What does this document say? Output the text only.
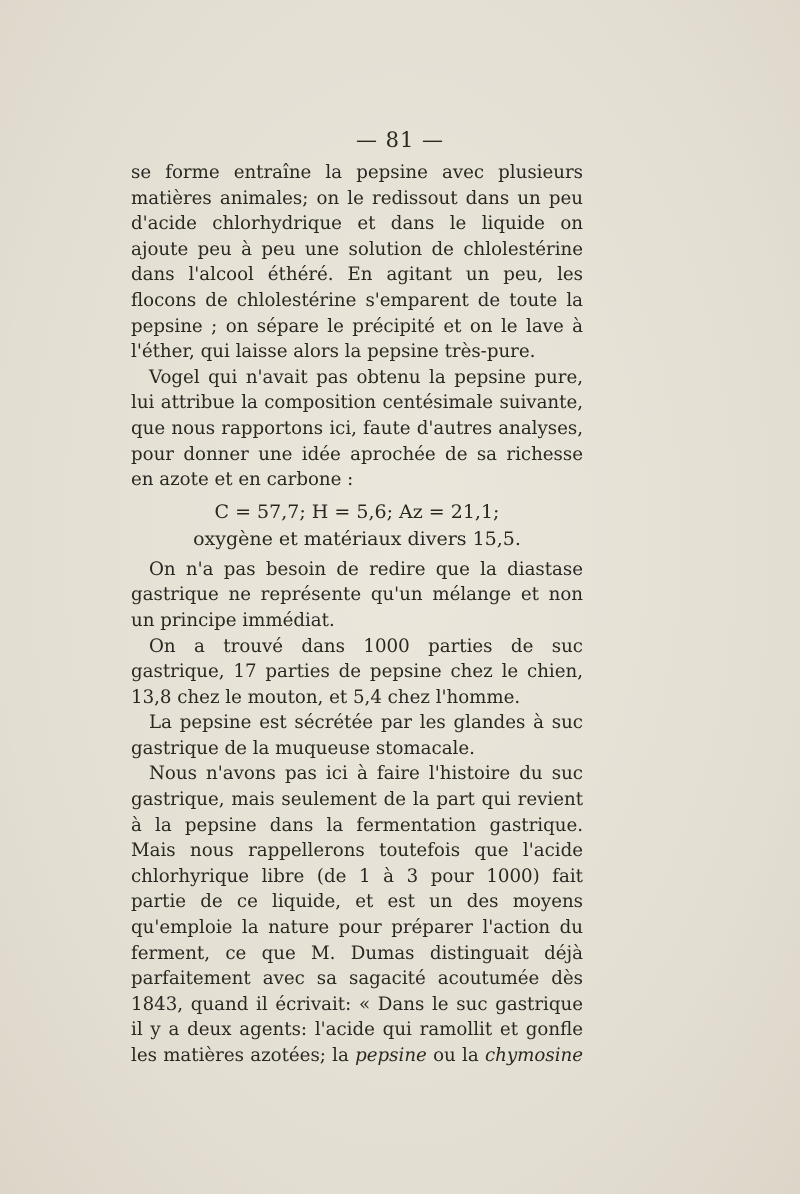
— 81 —

se forme entraîne la pepsine avec plusieurs matières animales; on le redissout dans un peu d'acide chlorhydrique et dans le liquide on ajoute peu à peu une solution de chlolestérine dans l'alcool éthéré. En agitant un peu, les flocons de chlolestérine s'emparent de toute la pepsine ; on sépare le précipité et on le lave à l'éther, qui laisse alors la pepsine très-pure.

Vogel qui n'avait pas obtenu la pepsine pure, lui attribue la composition centésimale suivante, que nous rapportons ici, faute d'autres analyses, pour donner une idée aprochée de sa richesse en azote et en carbone :

C = 57,7; H = 5,6; Az = 21,1;
oxygène et matériaux divers 15,5.

On n'a pas besoin de redire que la diastase gastrique ne représente qu'un mélange et non un principe immédiat.

On a trouvé dans 1000 parties de suc gastrique, 17 parties de pepsine chez le chien, 13,8 chez le mouton, et 5,4 chez l'homme.

La pepsine est sécrétée par les glandes à suc gastrique de la muqueuse stomacale.

Nous n'avons pas ici à faire l'histoire du suc gastrique, mais seulement de la part qui revient à la pepsine dans la fermentation gastrique. Mais nous rappellerons toutefois que l'acide chlorhyrique libre (de 1 à 3 pour 1000) fait partie de ce liquide, et est un des moyens qu'emploie la nature pour préparer l'action du ferment, ce que M. Dumas distinguait déjà parfaitement avec sa sagacité acoutumée dès 1843, quand il écrivait: « Dans le suc gastrique il y a deux agents: l'acide qui ramollit et gonfle les matières azotées; la pepsine ou la chymosine
